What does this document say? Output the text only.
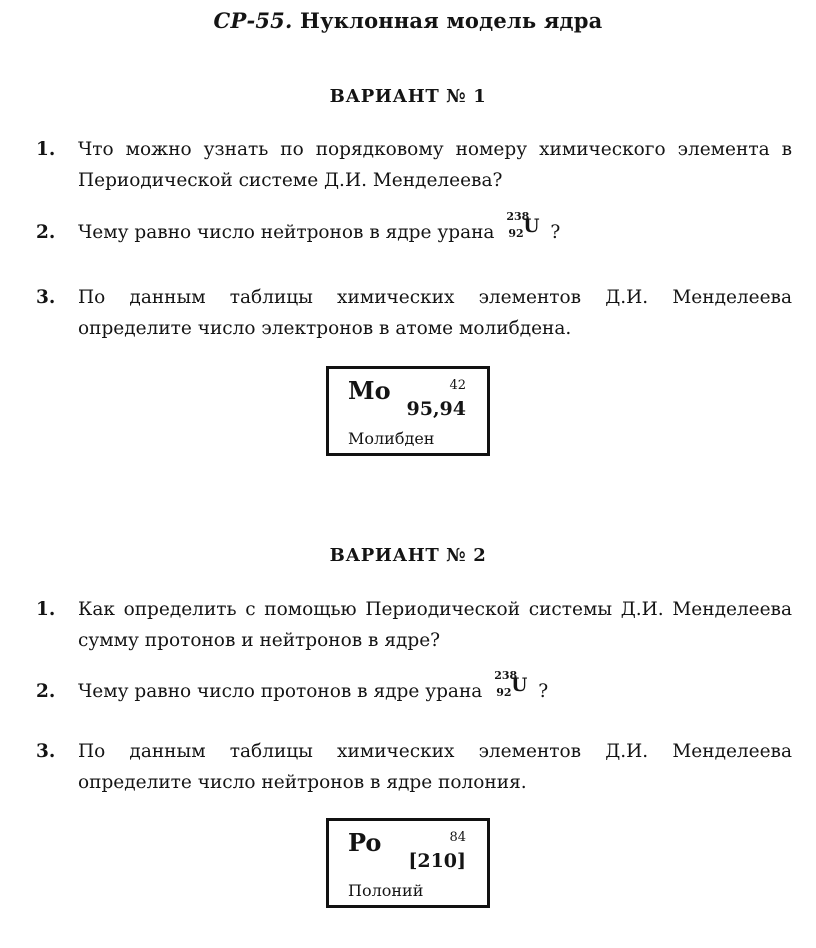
СР-55. Нуклонная модель ядра
ВАРИАНТ № 1
1. Что можно узнать по порядковому номеру химического элемента в Периодической системе Д.И. Менделеева?
2. Чему равно число нейтронов в ядре урана
238
92 U ?
3. По данным таблицы химических элементов Д.И. Менделеева определите число электронов в атоме молибдена.
Mo	42
95,94
Молибден
ВАРИАНТ № 2
1. Как определить с помощью Периодической системы Д.И. Менделеева сумму протонов и нейтронов в ядре?
2. Чему равно число протонов в ядре урана
238
92 U ?
3. По данным таблицы химических элементов Д.И. Менделеева определите число нейтронов в ядре полония.
Po	84
[210]
Полоний
